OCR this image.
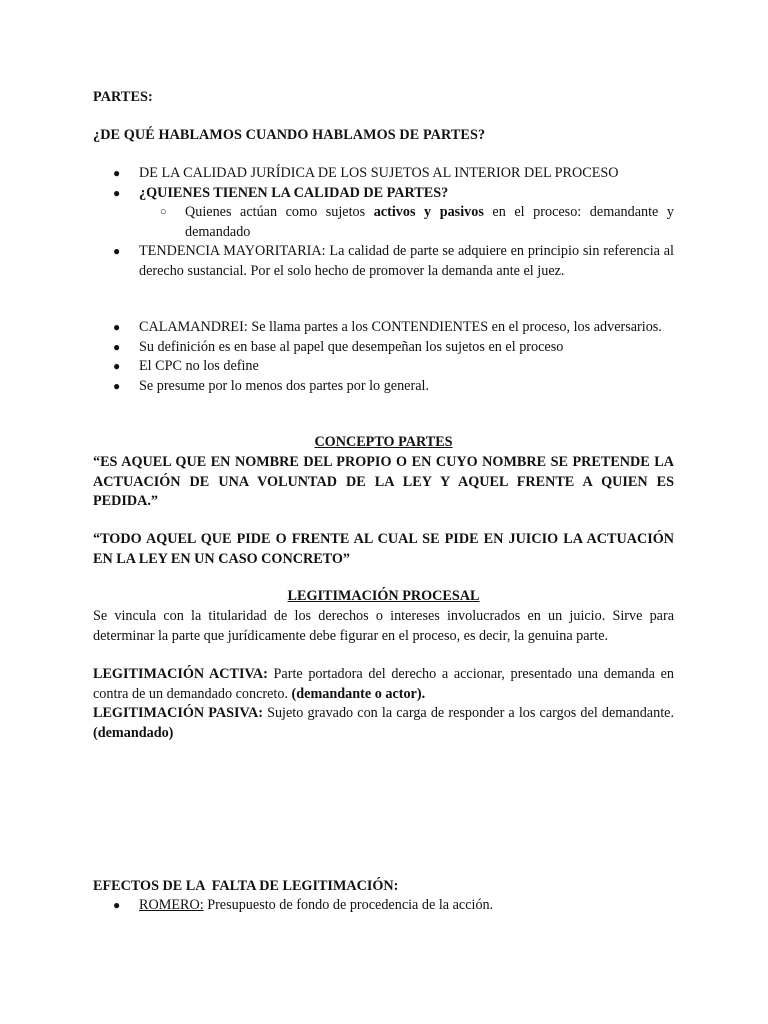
PARTES:
¿DE QUÉ HABLAMOS CUANDO HABLAMOS DE PARTES?
● DE LA CALIDAD JURÍDICA DE LOS SUJETOS AL INTERIOR DEL PROCESO
● ¿QUIENES TIENEN LA CALIDAD DE PARTES?
○ Quienes actúan como sujetos activos y pasivos en el proceso: demandante y demandado
● TENDENCIA MAYORITARIA: La calidad de parte se adquiere en principio sin referencia al derecho sustancial. Por el solo hecho de promover la demanda ante el juez.
● CALAMANDREI: Se llama partes a los CONTENDIENTES en el proceso, los adversarios.
● Su definición es en base al papel que desempeñan los sujetos en el proceso
● El CPC no los define
● Se presume por lo menos dos partes por lo general.
CONCEPTO PARTES
“ES AQUEL QUE EN NOMBRE DEL PROPIO O EN CUYO NOMBRE SE PRETENDE LA ACTUACIÓN DE UNA VOLUNTAD DE LA LEY Y AQUEL FRENTE A QUIEN ES PEDIDA.”
“TODO AQUEL QUE PIDE O FRENTE AL CUAL SE PIDE EN JUICIO LA ACTUACIÓN EN LA LEY EN UN CASO CONCRETO”
LEGITIMACIÓN PROCESAL
Se vincula con la titularidad de los derechos o intereses involucrados en un juicio. Sirve para determinar la parte que jurídicamente debe figurar en el proceso, es decir, la genuina parte.
LEGITIMACIÓN ACTIVA: Parte portadora del derecho a accionar, presentado una demanda en contra de un demandado concreto. (demandante o actor).
LEGITIMACIÓN PASIVA: Sujeto gravado con la carga de responder a los cargos del demandante. (demandado)
EFECTOS DE LA  FALTA DE LEGITIMACIÓN:
● ROMERO: Presupuesto de fondo de procedencia de la acción.
